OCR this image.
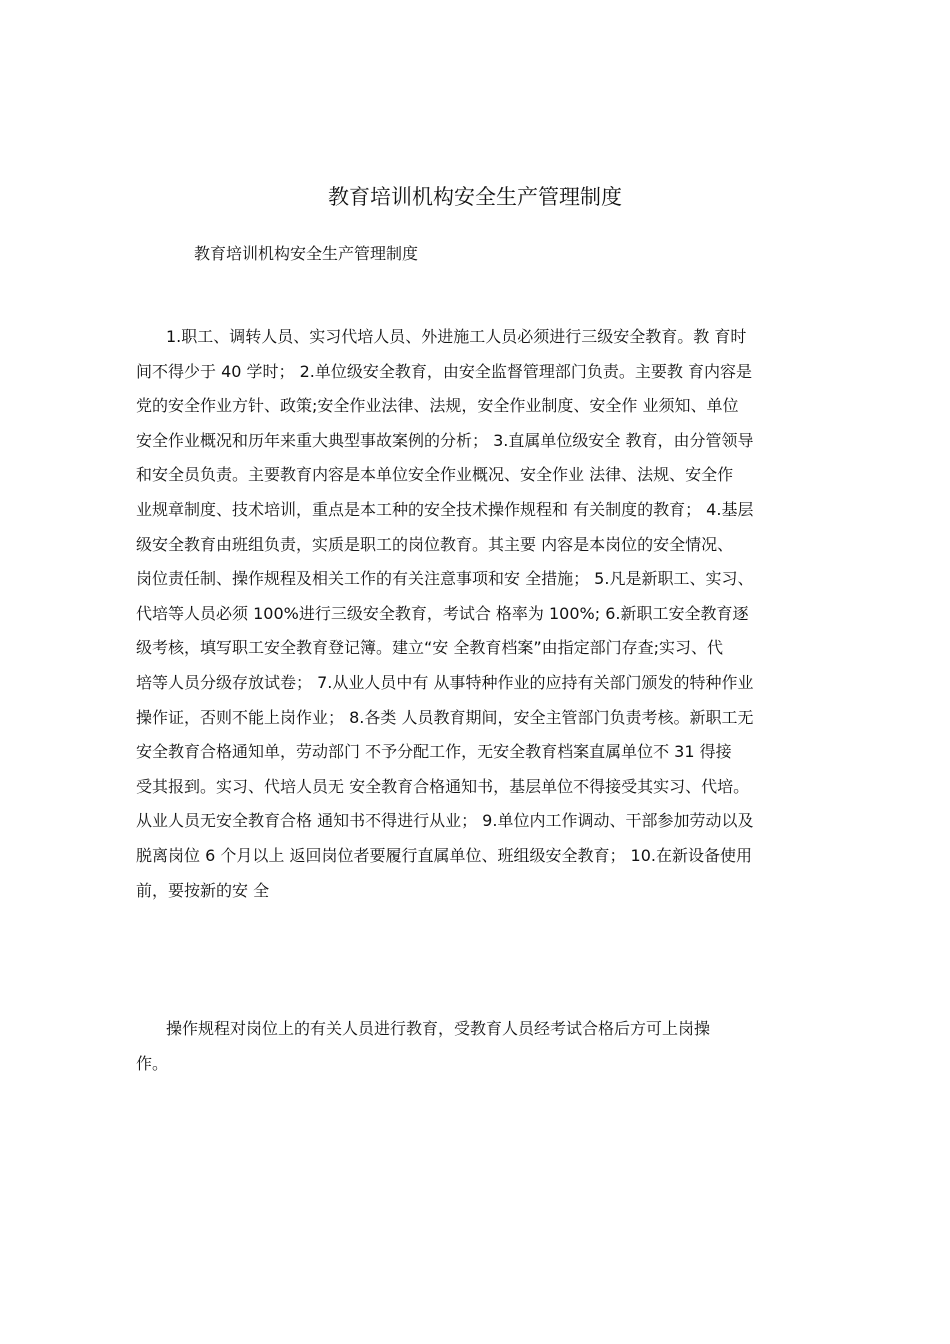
教育培训机构安全生产管理制度

教育培训机构安全生产管理制度

1.职工、调转人员、实习代培人员、外进施工人员必须进行三级安全教育。教 育时
间不得少于 40 学时； 2.单位级安全教育，由安全监督管理部门负责。主要教 育内容是
党的安全作业方针、政策;安全作业法律、法规，安全作业制度、安全作 业须知、单位
安全作业概况和历年来重大典型事故案例的分析； 3.直属单位级安全 教育，由分管领导
和安全员负责。主要教育内容是本单位安全作业概况、安全作业 法律、法规、安全作
业规章制度、技术培训，重点是本工种的安全技术操作规程和 有关制度的教育； 4.基层
级安全教育由班组负责，实质是职工的岗位教育。其主要 内容是本岗位的安全情况、
岗位责任制、操作规程及相关工作的有关注意事项和安 全措施； 5.凡是新职工、实习、
代培等人员必须 100%进行三级安全教育，考试合 格率为 100%; 6.新职工安全教育逐
级考核，填写职工安全教育登记簿。建立“安 全教育档案”由指定部门存查;实习、代
培等人员分级存放试卷； 7.从业人员中有 从事特种作业的应持有关部门颁发的特种作业
操作证，否则不能上岗作业； 8.各类 人员教育期间，安全主管部门负责考核。新职工无
安全教育合格通知单，劳动部门 不予分配工作，无安全教育档案直属单位不 31 得接
受其报到。实习、代培人员无 安全教育合格通知书，基层单位不得接受其实习、代培。
从业人员无安全教育合格 通知书不得进行从业； 9.单位内工作调动、干部参加劳动以及
脱离岗位 6 个月以上 返回岗位者要履行直属单位、班组级安全教育； 10.在新设备使用
前，要按新的安 全
操作规程对岗位上的有关人员进行教育，受教育人员经考试合格后方可上岗操
作。
